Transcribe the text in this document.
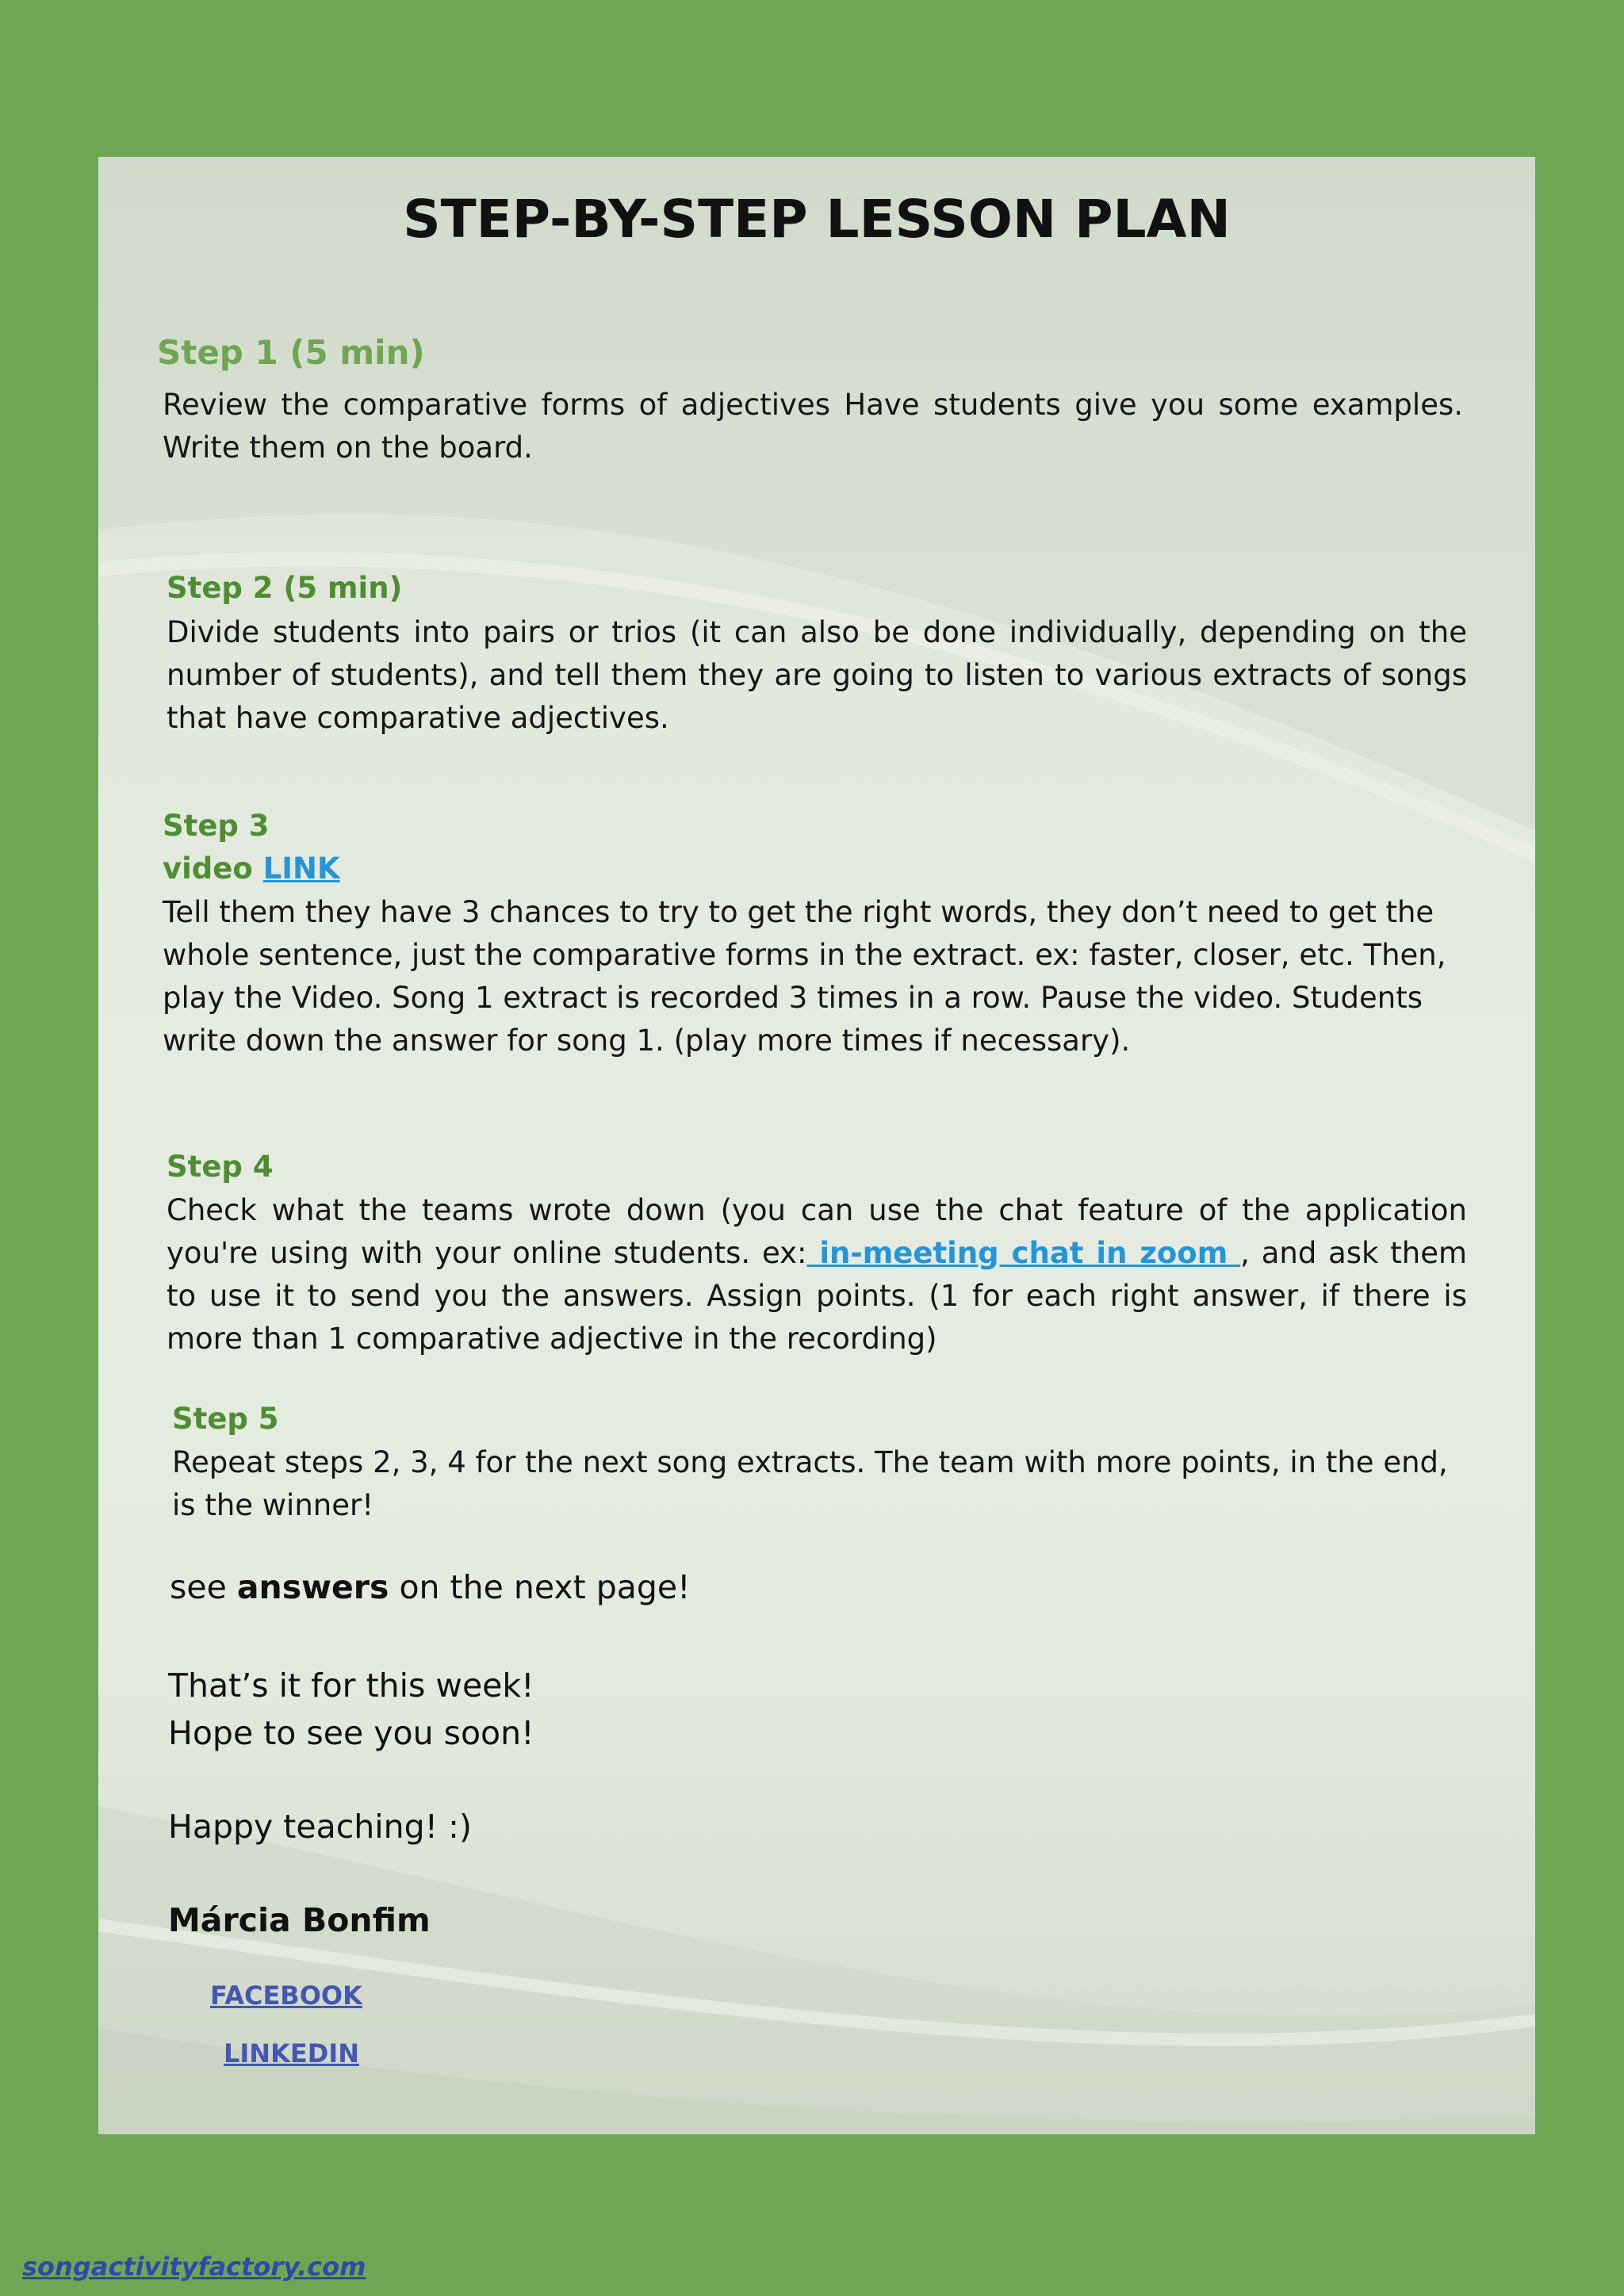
STEP-BY-STEP LESSON PLAN
Step 1 (5 min)
Review the comparative forms of adjectives Have students give you some examples. Write them on the board.
Step 2 (5 min)
Divide students into pairs or trios (it can also be done individually, depending on the number of students), and tell them they are going to listen to various extracts of songs that have comparative adjectives.
Step 3
video LINK
Tell them they have 3 chances to try to get the right words, they don’t need to get the whole sentence, just the comparative forms in the extract. ex: faster, closer, etc. Then, play the Video. Song 1 extract is recorded 3 times in a row. Pause the video. Students write down the answer for song 1. (play more times if necessary).
Step 4
Check what the teams wrote down (you can use the chat feature of the application you're using with your online students. ex: in-meeting chat in zoom , and ask them to use it to send you the answers. Assign points. (1 for each right answer, if there is more than 1 comparative adjective in the recording)
Step 5
Repeat steps 2, 3, 4 for the next song extracts. The team with more points, in the end, is the winner!
see answers on the next page!
That’s it for this week!
Hope to see you soon!
Happy teaching! :)
Márcia Bonfim
FACEBOOK
LINKEDIN
songactivityfactory.com
